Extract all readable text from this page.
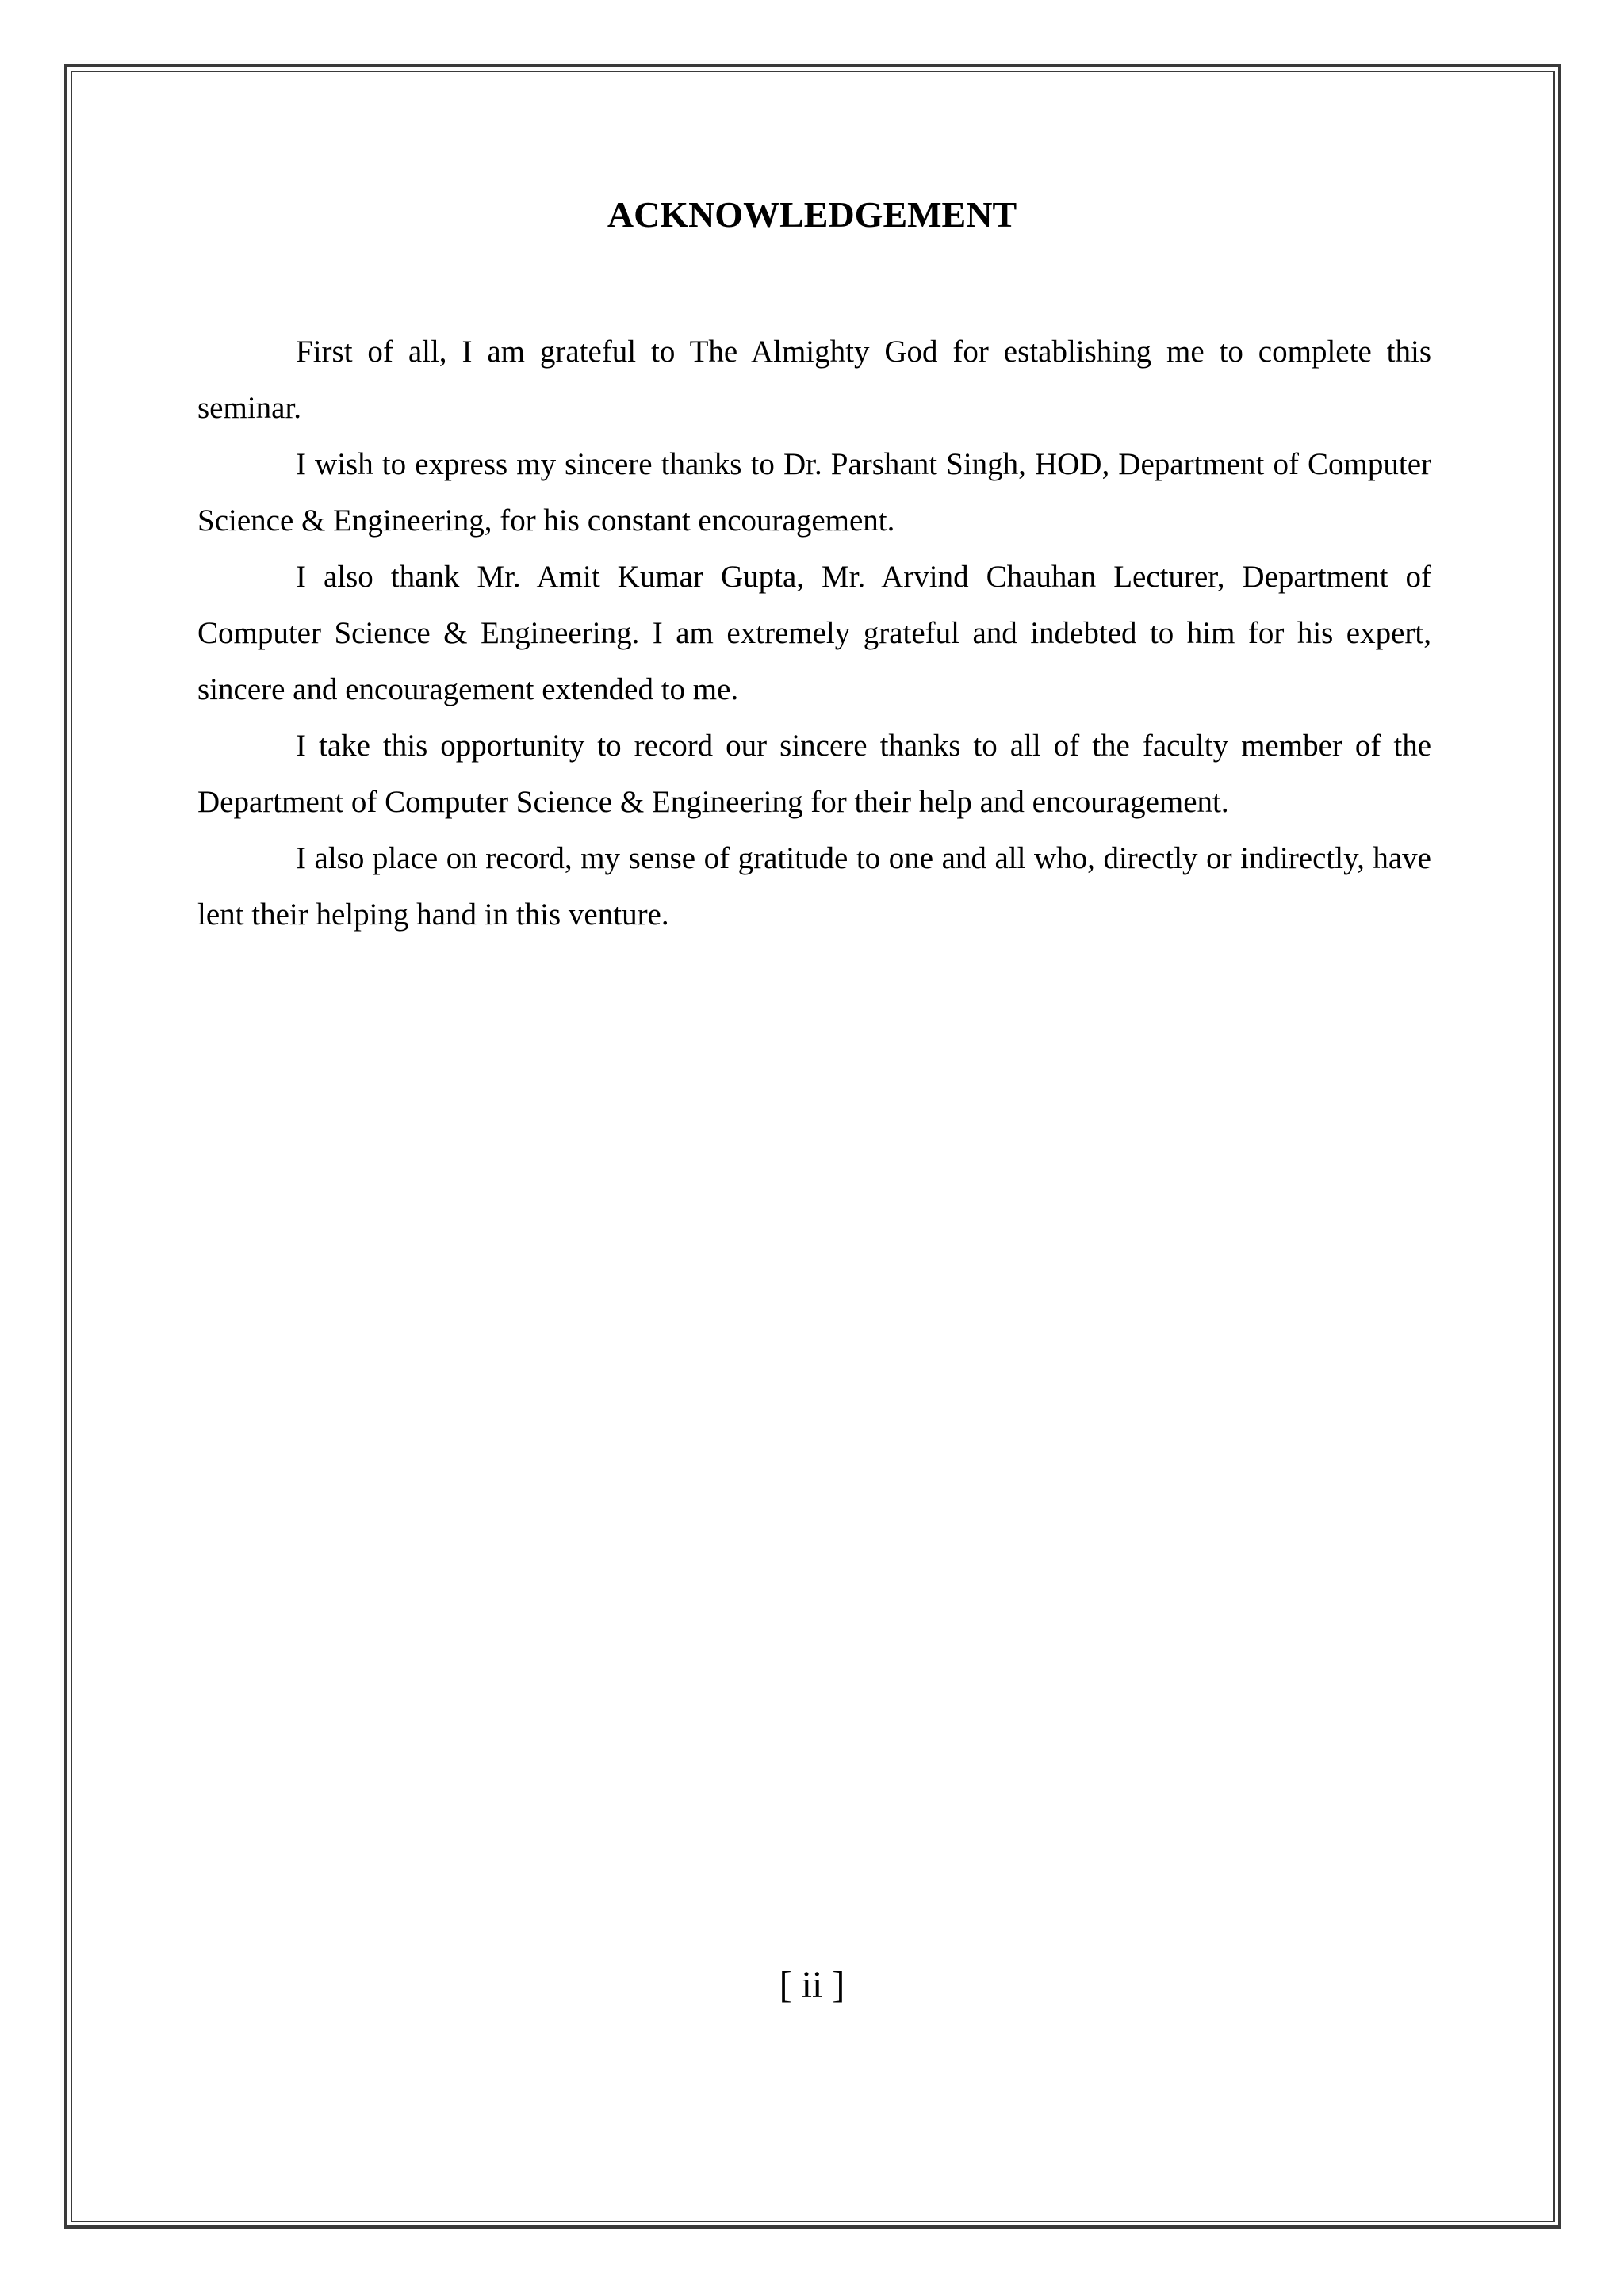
ACKNOWLEDGEMENT

First of all, I am grateful to The Almighty God for establishing me to complete this seminar.

I wish to express my sincere thanks to Dr. Parshant Singh, HOD, Department of Computer Science & Engineering, for his constant encouragement.

I also thank Mr. Amit Kumar Gupta, Mr. Arvind Chauhan Lecturer, Department of Computer Science & Engineering. I am extremely grateful and indebted to him for his expert, sincere and encouragement extended to me.

I take this opportunity to record our sincere thanks to all of the faculty member of the Department of Computer Science & Engineering for their help and encouragement.

I also place on record, my sense of gratitude to one and all who, directly or indirectly, have lent their helping hand in this venture.

[ ii ]
